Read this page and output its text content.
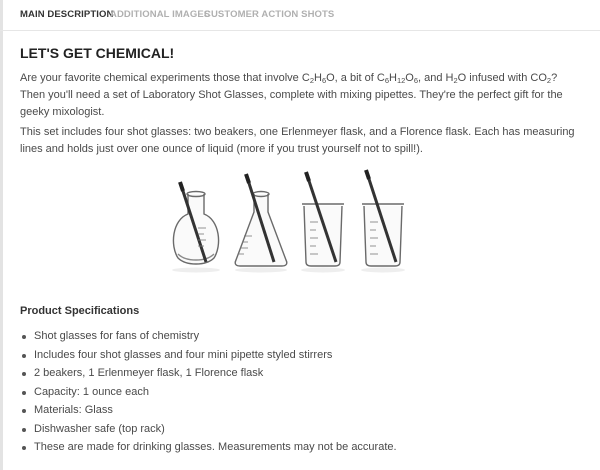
MAIN DESCRIPTION
ADDITIONAL IMAGES
CUSTOMER ACTION SHOTS
LET'S GET CHEMICAL!

Are your favorite chemical experiments those that involve $C_2H_6O$, a bit of $C_6H_{12}O_6$, and $H_2O$ infused with $CO_2$? Then you'll need a set of Laboratory Shot Glasses, complete with mixing pipettes. They're the perfect gift for the geeky mixologist.

This set includes four shot glasses: two beakers, one Erlenmeyer flask, and a Florence flask. Each has measuring lines and holds just over one ounce of liquid (more if you trust yourself not to spill!).

Product Specifications
Shot glasses for fans of chemistry
Includes four shot glasses and four mini pipette styled stirrers
2 beakers, 1 Erlenmeyer flask, 1 Florence flask
Capacity: 1 ounce each
Materials: Glass
Dishwasher safe (top rack)
These are made for drinking glasses. Measurements may not be accurate.
